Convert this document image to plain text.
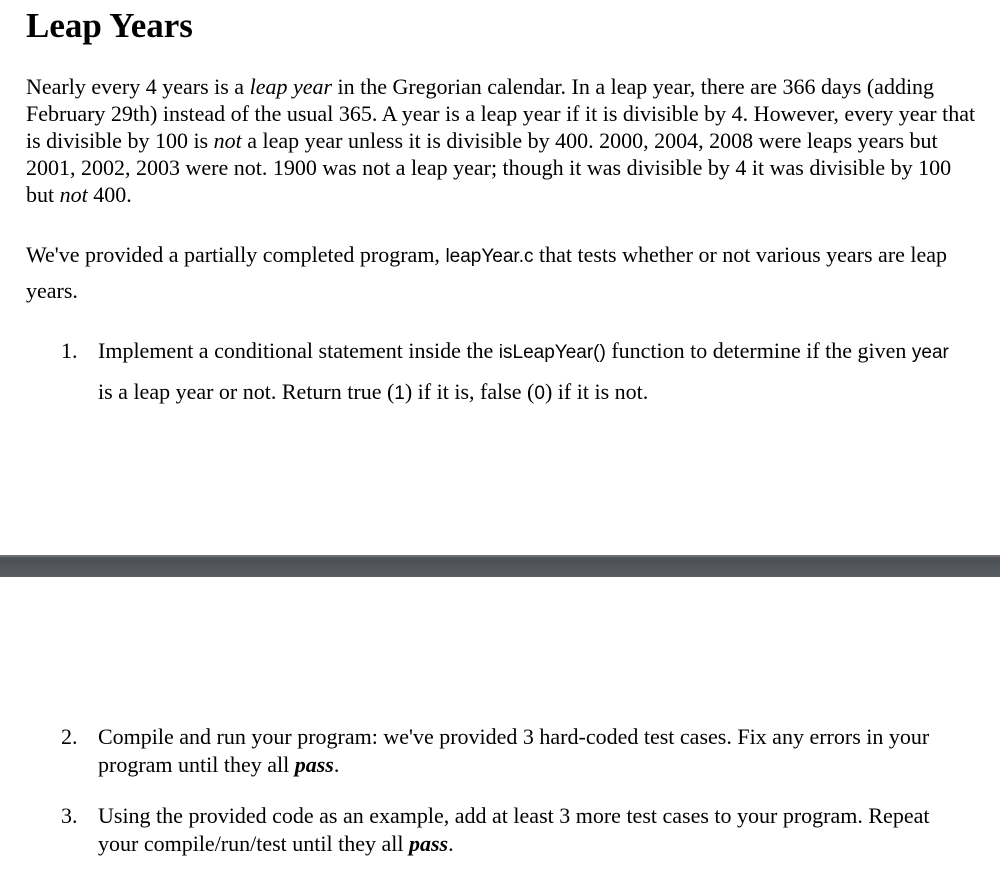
Leap Years

Nearly every 4 years is a leap year in the Gregorian calendar. In a leap year, there are 366 days (adding February 29th) instead of the usual 365. A year is a leap year if it is divisible by 4. However, every year that is divisible by 100 is not a leap year unless it is divisible by 400. 2000, 2004, 2008 were leaps years but 2001, 2002, 2003 were not. 1900 was not a leap year; though it was divisible by 4 it was divisible by 100 but not 400.

We've provided a partially completed program, leapYear.c that tests whether or not various years are leap years.

1. Implement a conditional statement inside the isLeapYear() function to determine if the given year is a leap year or not. Return true (1) if it is, false (0) if it is not.
2. Compile and run your program: we've provided 3 hard-coded test cases. Fix any errors in your program until they all pass.
3. Using the provided code as an example, add at least 3 more test cases to your program. Repeat your compile/run/test until they all pass.
